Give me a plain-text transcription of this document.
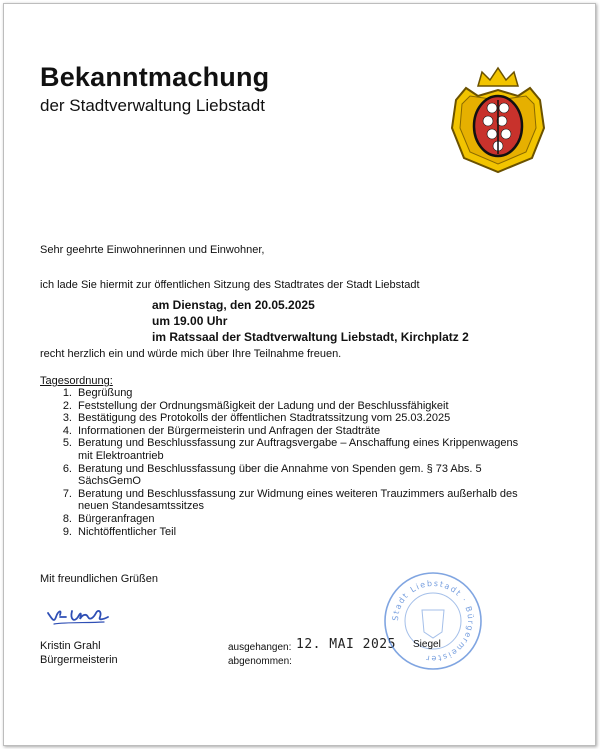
Bekanntmachung
der Stadtverwaltung Liebstadt
Sehr geehrte Einwohnerinnen und Einwohner,
ich lade Sie hiermit zur öffentlichen Sitzung des Stadtrates der Stadt Liebstadt
am Dienstag, den 20.05.2025
um 19.00 Uhr
im Ratssaal der Stadtverwaltung Liebstadt, Kirchplatz 2
recht herzlich ein und würde mich über Ihre Teilnahme freuen.
Tagesordnung:
1. Begrüßung
2. Feststellung der Ordnungsmäßigkeit der Ladung und der Beschlussfähigkeit
3. Bestätigung des Protokolls der öffentlichen Stadtratssitzung vom 25.03.2025
4. Informationen der Bürgermeisterin und Anfragen der Stadträte
5. Beratung und Beschlussfassung zur Auftragsvergabe – Anschaffung eines Krippenwagens
mit Elektroantrieb
6. Beratung und Beschlussfassung über die Annahme von Spenden gem. § 73 Abs. 5
SächsGemO
7. Beratung und Beschlussfassung zur Widmung eines weiteren Trauzimmers außerhalb des
neuen Standesamtssitzes
8. Bürgeranfragen
9. Nichtöffentlicher Teil
Mit freundlichen Grüßen
Kristin Grahl
Bürgermeisterin
ausgehangen:
abgenommen:
12. MAI 2025
Stadt Liebstadt · Bürgermeister
Siegel
